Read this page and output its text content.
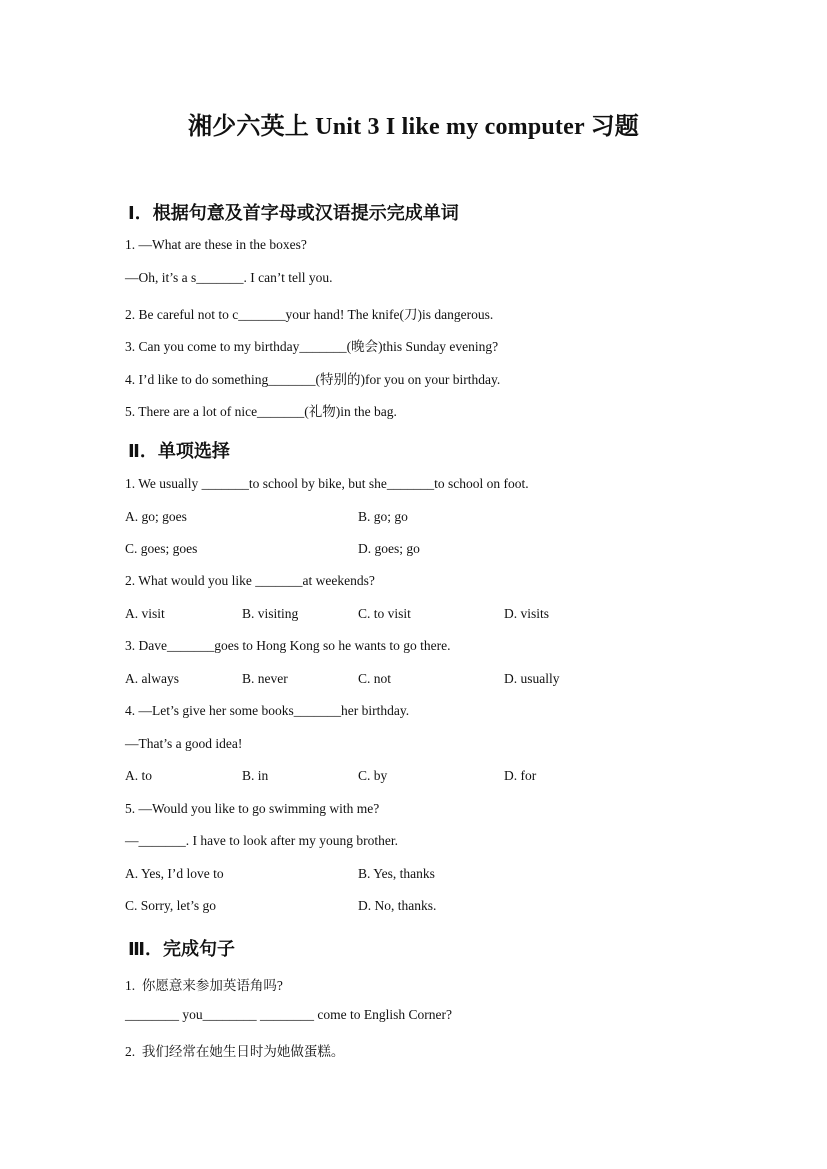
湘少六英上 Unit 3 I like my computer 习题
Ⅰ．根据句意及首字母或汉语提示完成单词
1. —What are these in the boxes?
—Oh, it’s a s_______. I can’t tell you.
2. Be careful not to c_______your hand! The knife(刀)is dangerous.
3. Can you come to my birthday_______(晚会)this Sunday evening?
4. I’d like to do something_______(特别的)for you on your birthday.
5. There are a lot of nice_______(礼物)in the bag.
Ⅱ．单项选择
1. We usually _______to school by bike, but she_______to school on foot.
A. go; goes	B. go; go
C. goes; goes	D. goes; go
2. What would you like _______at weekends?
A. visit	B. visiting	C. to visit	D. visits
3. Dave_______goes to Hong Kong so he wants to go there.
A. always	B. never	C. not	D. usually
4. —Let’s give her some books_______her birthday.
—That’s a good idea!
A. to	B. in	C. by	D. for
5. —Would you like to go swimming with me?
—_______. I have to look after my young brother.
A. Yes, I’d love to	B. Yes, thanks
C. Sorry, let’s go	D. No, thanks.
Ⅲ．完成句子
1.  你愿意来参加英语角吗?
________ you________ ________ come to English Corner?
2.  我们经常在她生日时为她做蛋糕。
